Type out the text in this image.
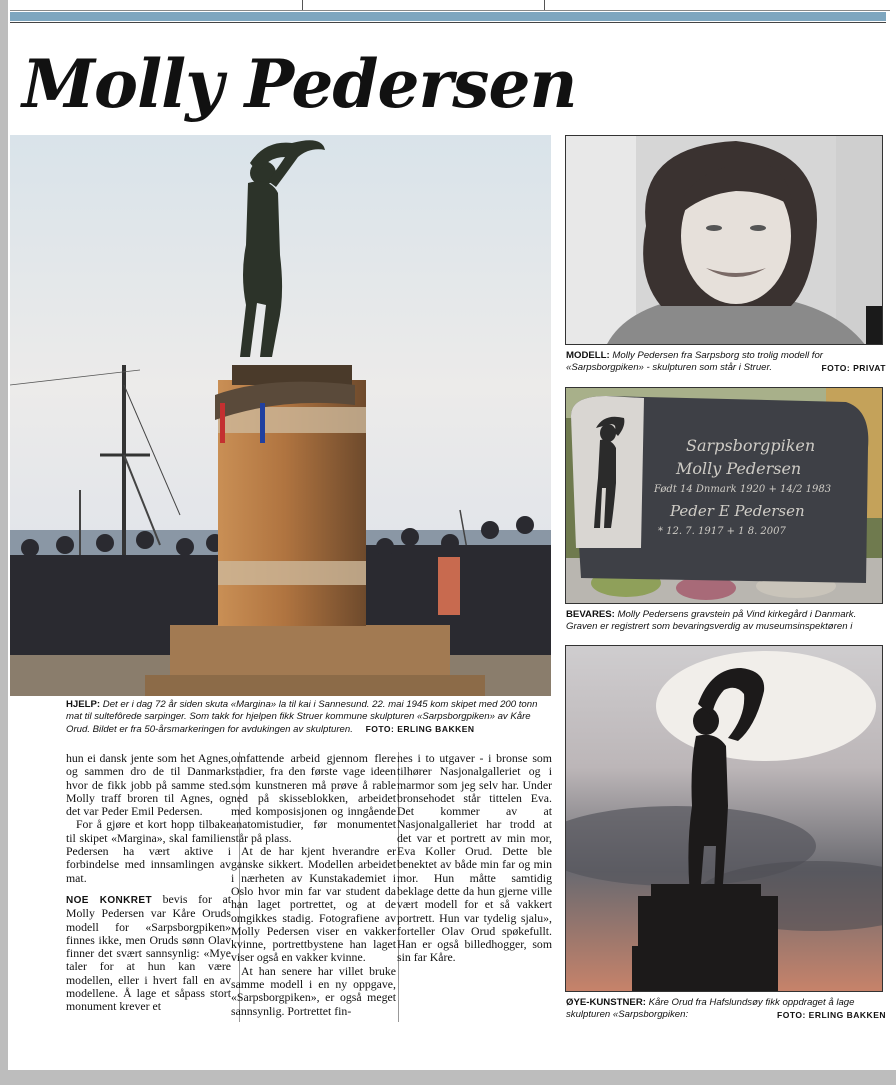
Molly Pedersen
HJELP: Det er i dag 72 år siden skuta «Margina» la til kai i Sannesund. 22. mai 1945 kom skipet med 200 tonn mat til sultefôrede sarpinger. Som takk for hjelpen fikk Struer kommune skulpturen «Sarpsborgpiken» av Kåre Orud. Bildet er fra 50-årsmarkeringen for avdukingen av skulpturen. FOTO: ERLING BAKKEN
MODELL: Molly Pedersen fra Sarpsborg sto trolig modell for «Sarpsborgpiken» - skulpturen som står i Struer.	FOTO: PRIVAT
Sarpsborgpiken
Molly Pedersen
Født 14 Dnmark 1920 + 14/2 1983
Peder E Pedersen
* 12. 7. 1917 + 1 8. 2007
BEVARES: Molly Pedersens gravstein på Vind kirkegård i Danmark. Graven er registrert som bevaringsverdig av museumsinspektøren i
ØYE-KUNSTNER: Kåre Orud fra Hafslundsøy fikk oppdraget å lage skulpturen «Sarpsborgpiken:	FOTO: ERLING BAKKEN

hun ei dansk jente som het Agnes, og sammen dro de til Danmark hvor de fikk jobb på samme sted. Molly traff broren til Agnes, og det var Peder Emil Pedersen.

For å gjøre et kort hopp tilbake til skipet «Margina», skal familien Pedersen ha vært aktive i forbindelse med innsamlingen av mat.

NOE KONKRET bevis for at Molly Pedersen var Kåre Oruds modell for «Sarpsborgpiken» finnes ikke, men Oruds sønn Olav finner det svært sannsynlig: «Mye taler for at hun kan være modellen, eller i hvert fall en av modellene. Å lage et såpass stort monument krever et

omfattende arbeid gjennom flere stadier, fra den første vage ideen som kunstneren må prøve å rable ned på skisseblokken, arbeidet med komposisjonen og inngående anatomistudier, før monumentet står på plass.

At de har kjent hverandre er ganske sikkert. Modellen arbeidet i nærheten av Kunstakademiet i Oslo hvor min far var student da han laget portrettet, og at de omgikkes stadig. Fotografiene av Molly Pedersen viser en vakker kvinne, portrettbystene han laget viser også en vakker kvinne.

At han senere har villet bruke samme modell i en ny oppgave, «Sarpsborgpiken», er også meget sannsynlig. Portrettet fin-

nes i to utgaver - i bronse som tilhører Nasjonalgalleriet og i marmor som jeg selv har. Under bronsehodet står tittelen Eva. Det kommer av at Nasjonalgalleriet har trodd at det var et portrett av min mor, Eva Koller Orud. Dette ble benektet av både min far og min mor. Hun måtte samtidig beklage dette da hun gjerne ville vært modell for et så vakkert portrett. Hun var tydelig sjalu», forteller Olav Orud spøkefullt. Han er også billedhogger, som sin far Kåre.
